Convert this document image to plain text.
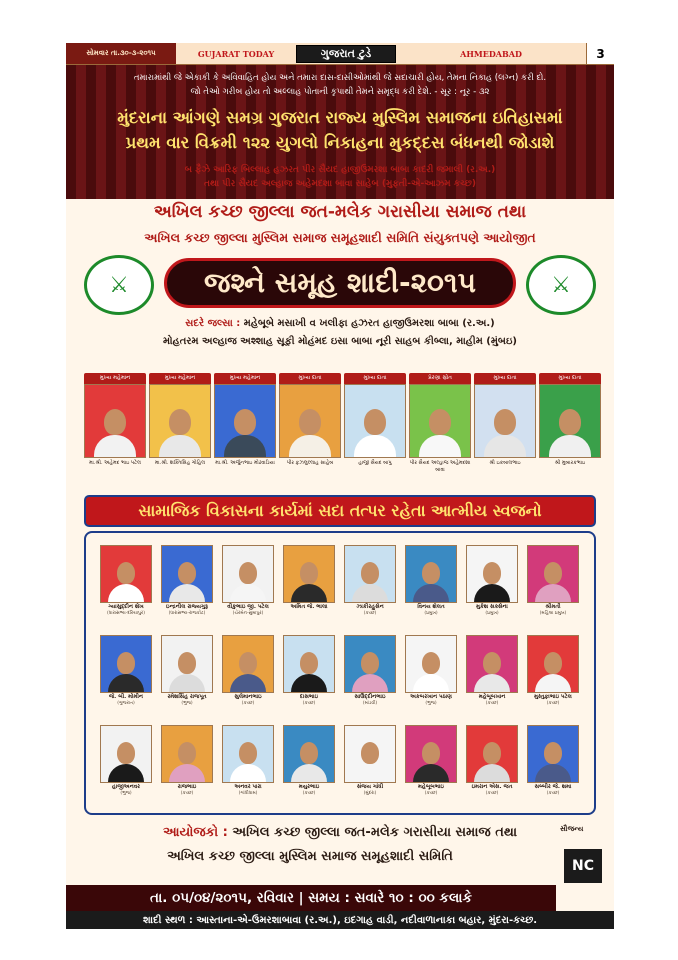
સોમવાર તા.૩૦-૩-૨૦૧૫	GUJARAT TODAY	ગુજરાત ટુડે	AHMEDABAD	3
તમારામાંથી જે એકાકી કે અવિવાહિત હોય અને તમારા દાસ-દાસીઓમાંથી જે સદાચારી હોય, તેમના નિકાહ (લગ્ન) કરી દો.
જો તેઓ ગરીબ હોય તો અલ્લાહ પોતાની કૃપાથી તેમને સમૃદ્ધ કરી દેશે. - સૂર : નૂર - ૩૨
મુંદરાના આંગણે સમગ્ર ગુજરાત રાજ્ય મુસ્લિમ સમાજના ઇતિહાસમાં
પ્રથમ વાર વિક્રમી ૧૨૨ યુગલો નિકાહના મુકદ્દસ બંધનથી જોડાશે
બ ફૈઝે આરિફ બિલ્લાહ હઝરત પીર સૈયદ હાજીઉમરશા બાબા કાદરી જમાલી (ર.અ.)
તથા પીર સૈયદ અલ્હાજ અહેમદશા બાવા સાહેબ (મુફતી-એ-આઝમ કચ્છ)
અખિલ કચ્છ જીલ્લા જત-મલેક ગરાસીયા સમાજ તથા
અખિલ કચ્છ જીલ્લા મુસ્લિમ સમાજ સમૂહશાદી સમિતિ સંયુક્તપણે આયોજીત
⚔	જશ્ને સમૂહ શાદી-૨૦૧૫	⚔
સદરે જલ્સા : મહેબૂબે મસાખી વ ખલીફા હઝરત હાજીઉમરશા બાબા (ર.અ.)
મોહતરમ અલ્હાજ અશ્શાહ સૂફી મોહંમદ ઇસા બાબા નૂરી સાહબ કીબ્લા, માહીમ (મુંબઇ)
મુખ્ય મહેમાન
મા.શ્રી. અહેમદ ભાઇ પટેલ
મુખ્ય મહેમાન
મા.શ્રી. શક્તિસિંહ ગોહિલ
મુખ્ય મહેમાન
મા.શ્રી. અર્જુનભાઇ મોઢવાડિયા
મુખ્ય દાતા
પીર ફઝલુલ્લાહ સાહેબ
મુખ્ય દાતા
હાજી સૈયદ બાપુ
પ્રેરણા સ્રોત
પીર સૈયદ અલ્હાજ અહેમદશા બાવા
મુખ્ય દાતા
શ્રી ઇકબાલભાઇ
મુખ્ય દાતા
શ્રી મુબારકભાઇ
સામાજિક વિકાસના કાર્યમાં સદા તત્પર રહેતા આત્મીય સ્વજનો
ગ્યાસુદ્દીન શેખ
(ધારાસભ્ય-દરિયાપુર)
ઇન્દ્રનીલ રાજ્યગુરૂ
(ધારાસભ્ય-રાજકોટ)
વીકુભાઇ જી. પટેલ
(ચેરમેન-સુમાપુર)
અમિત જે. ભાલા	ઝાકીરહુસેન
(કચ્છ)
વિનય શેલત
(પ્રમુખ)
મુકેશ સક્સેના
(પ્રમુખ)
શ્રીમતી
(મહિલા પ્રમુખ)
જે. બી. મોમીન
(ગુજરાત)
રમેશસિંહ રાજપૂત
(ભુજ)
સુલેમાનભાઇ
(કચ્છ)
દાસભાઇ
(કચ્છ)
સાઉદ્દીનભાઇ
(માંડવી)
અકબરખાન પઠાણ
(ભુજ)
મહેબૂબખાન
(કચ્છ)
મુસ્તુફાભાઇ પટેલ
(કચ્છ)
હાજીઅનવર
(ભુજ)
રાજભાઇ
(કચ્છ)
અનવર પારા
(ગાંધીધામ)
મયુરભાઇ
(કચ્છ)
સંજય ગાંધી
(મુંદરા)
મહેબૂબભાઇ
(કચ્છ)
ઇમરાન એસ. જત
(કચ્છ)
સબ્બીર જે. શમા
(કચ્છ)
આયોજકો : અખિલ કચ્છ જીલ્લા જત-મલેક ગરાસીયા સમાજ તથા
અખિલ કચ્છ જીલ્લા મુસ્લિમ સમાજ સમૂહશાદી સમિતિ
સૌજન્ય
NC
તા. ૦૫/૦૪/૨૦૧૫, રવિવાર | સમય : સવારે ૧૦ : ૦૦ કલાકે
શાદી સ્થળ : આસ્તાના-એ-ઉમરશાબાવા (ર.અ.), ઇદગાહ વાડી, નદીવાળાનાકા બહાર, મુંદરા-કચ્છ.
